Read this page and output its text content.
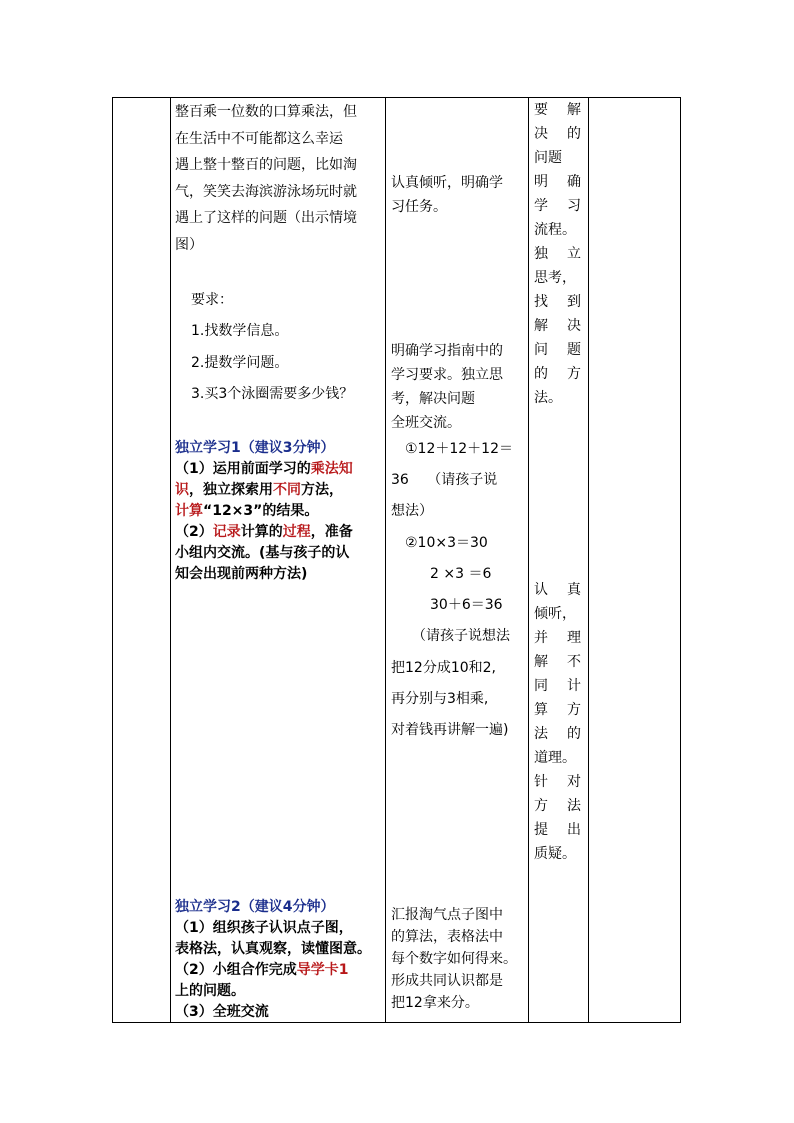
整百乘一位数的口算乘法，但
在生活中不可能都这么幸运
遇上整十整百的问题，比如淘
气，笑笑去海滨游泳场玩时就
遇上了这样的问题（出示情境
图）
要求：
1.找数学信息。
2.提数学问题。
3.买3个泳圈需要多少钱？
独立学习1（建议3分钟）
（1）运用前面学习的乘法知
识，独立探索用不同方法，
计算“12×3”的结果。
（2）记录计算的过程，准备
小组内交流。(基与孩子的认
知会出现前两种方法)
独立学习2（建议4分钟）
（1）组织孩子认识点子图，
表格法，认真观察，读懂图意。
（2）小组合作完成导学卡1
上的问题。
（3）全班交流
认真倾听，明确学
习任务。
明确学习指南中的
学习要求。独立思
考，解决问题
全班交流。
①12＋12＋12＝
36　 （请孩子说
想法）
②10×3＝30
2 ×3 ＝6
30＋6＝36
（请孩子说想法
把12分成10和2,
再分别与3相乘,
对着钱再讲解一遍)
汇报淘气点子图中
的算法，表格法中
每个数字如何得来。
形成共同认识都是
把12拿来分。
要　解
决　的
问题
明　确
学　习
流程。
独　立
思考，
找　到
解　决
问　题
的　方
法。
认　真
倾听，
并　理
解　不
同　计
算　方
法　的
道理。
针　对
方　法
提　出
质疑。
